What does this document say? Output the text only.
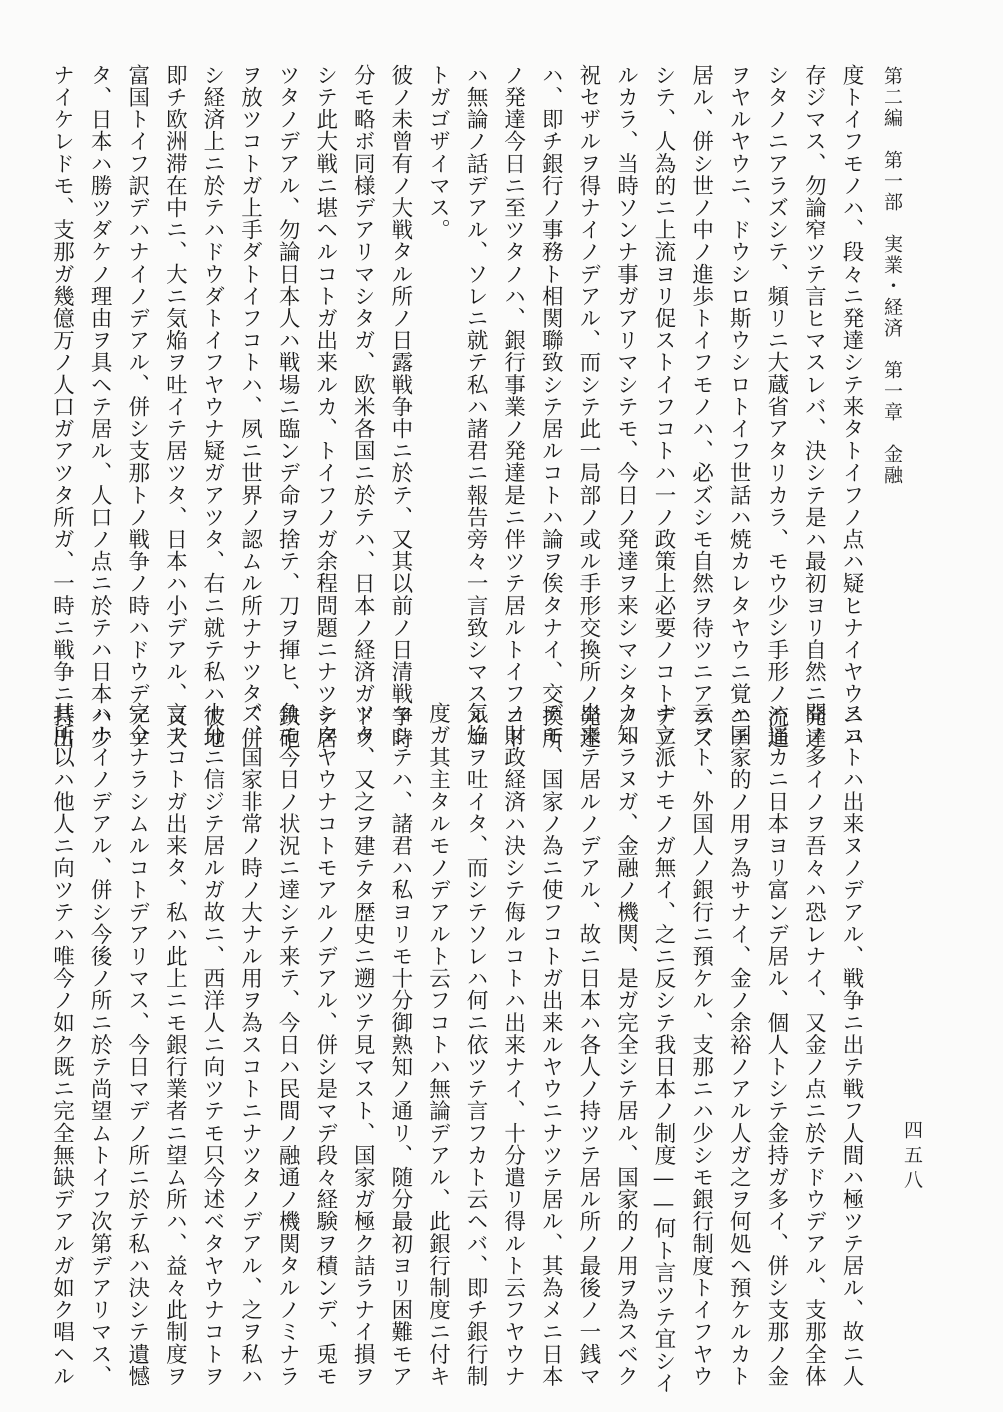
第二編　第一部　実業・経済　第一章　金融
四五八
度トイフモノハ、段々ニ発達シテ来タトイフノ点ハ疑ヒナイヤウニハ
存ジマス、勿論窄ツテ言ヒマスレバ、決シテ是ハ最初ヨリ自然ニ発達
シタノニアラズシテ、頻リニ大蔵省アタリカラ、モウ少シ手形ノ流通
ヲヤルヤウニ、ドウシロ斯ウシロトイフ世話ハ焼カレタヤウニ覚エテ
居ル、併シ世ノ中ノ進歩トイフモノハ、必ズシモ自然ヲ待ツニアラズ
シテ、人為的ニ上流ヨリ促ストイフコトハ一ノ政策上必要ノコトデア
ルカラ、当時ソンナ事ガアリマシテモ、今日ノ発達ヲ来シマシタノハ
祝セザルヲ得ナイノデアル、而シテ此一局部ノ或ル手形交換所ノ発達
ハ、即チ銀行ノ事務ト相関聯致シテ居ルコトハ論ヲ俟タナイ、交換所
ノ発達今日ニ至ツタノハ、銀行事業ノ発達是ニ伴ツテ居ルトイフコト
ハ無論ノ話デアル、ソレニ就テ私ハ諸君ニ報告旁々一言致シマスルコ
トガゴザイマス。
彼ノ未曾有ノ大戦タル所ノ日露戦争中ニ於テ、又其以前ノ日清戦争時
分モ略ボ同様デアリマシタガ、欧米各国ニ於テハ、日本ノ経済ガドウ
シテ此大戦ニ堪ヘルコトガ出来ルカ、トイフノガ余程問題ニナツテ居
ツタノデアル、勿論日本人ハ戦場ニ臨ンデ命ヲ捨テ、刀ヲ揮ヒ、鉄砲
ヲ放ツコトガ上手ダトイフコトハ、夙ニ世界ノ認ムル所ナナツタ、併
シ経済上ニ於テハドウダトイフヤウナ疑ガアツタ、右ニ就テ私ハ彼地
即チ欧洲滞在中ニ、大ニ気焔ヲ吐イテ居ツタ、日本ハ小デアル、又大
富国トイフ訳デハナイノデアル、併シ支那トノ戦争ノ時ハドウデアツ
タ、日本ハ勝ツダケノ理由ヲ具ヘテ居ル、人口ノ点ニ於テハ日本ハ少
ナイケレドモ、支那ガ幾億万ノ人口ガアツタ所ガ、一時ニ戦争ニ持出
スコトハ出来ヌノデアル、戦争ニ出テ戦フ人間ハ極ツテ居ル、故ニ人
間ノ多イノヲ吾々ハ恐レナイ、又金ノ点ニ於テドウデアル、支那全体
ハ遥カニ日本ヨリ富ンデ居ル、個人トシテ金持ガ多イ、併シ支那ノ金
ハ国家的ノ用ヲ為サナイ、金ノ余裕ノアル人ガ之ヲ何処ヘ預ケルカト
云フト、外国人ノ銀行ニ預ケル、支那ニハ少シモ銀行制度トイフヤウ
ナ立派ナモノガ無イ、之ニ反シテ我日本ノ制度——何ト言ツテ宜シイ
カ知ラヌガ、金融ノ機関、是ガ完全シテ居ル、国家的ノ用ヲ為スベク
出来テ居ルノデアル、故ニ日本ハ各人ノ持ツテ居ル所ノ最後ノ一銭マ
デモ、国家ノ為ニ使フコトガ出来ルヤウニナツテ居ル、其為メニ日本
ノ財政経済ハ決シテ侮ルコトハ出来ナイ、十分遣リ得ルト云フヤウナ
気焔ヲ吐イタ、而シテソレハ何ニ依ツテ言フカト云ヘバ、即チ銀行制
度ガ其主タルモノデアルト云フコトハ無論デアル、此銀行制度ニ付キ
マシテハ、諸君ハ私ヨリモ十分御熟知ノ通リ、随分最初ヨリ困難モア
ツタ、又之ヲ建テタ歴史ニ遡ツテ見マスト、国家ガ極ク詰ラナイ損ヲ
シタヤウナコトモアルノデアル、併シ是マデ段々経験ヲ積ンデ、兎モ
角モ今日ノ状況ニ達シテ来テ、今日ハ民間ノ融通ノ機関タルノミナラ
ズ、国家非常ノ時ノ大ナル用ヲ為スコトニナツタノデアル、之ヲ私ハ
十分ニ信ジテ居ルガ故ニ、西洋人ニ向ツテモ只今述ベタヤウナコトヲ
言フコトガ出来タ、私ハ此上ニモ銀行業者ニ望ム所ハ、益々此制度ヲ
完全ナラシムルコトデアリマス、今日マデノ所ニ於テ私ハ決シテ遺憾
ハナイノデアル、併シ今後ノ所ニ於テ尚望ムトイフ次第デアリマス、
其所以ハ他人ニ向ツテハ唯今ノ如ク既ニ完全無缺デアルガ如ク唱ヘル
